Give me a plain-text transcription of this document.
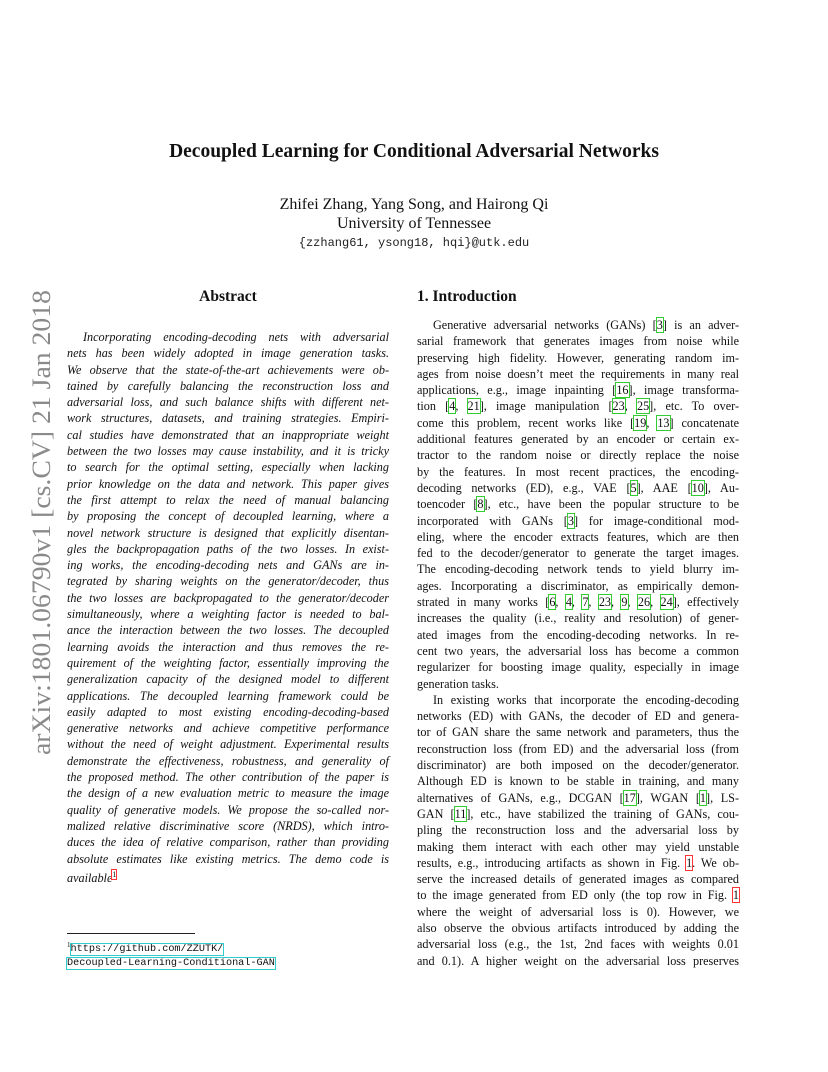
arXiv:1801.06790v1 [cs.CV] 21 Jan 2018
Decoupled Learning for Conditional Adversarial Networks
Zhifei Zhang, Yang Song, and Hairong Qi
University of Tennessee
{zzhang61, ysong18, hqi}@utk.edu
Abstract
Incorporating encoding-decoding nets with adversarial
nets has been widely adopted in image generation tasks.
We observe that the state-of-the-art achievements were ob-
tained by carefully balancing the reconstruction loss and
adversarial loss, and such balance shifts with different net-
work structures, datasets, and training strategies. Empiri-
cal studies have demonstrated that an inappropriate weight
between the two losses may cause instability, and it is tricky
to search for the optimal setting, especially when lacking
prior knowledge on the data and network. This paper gives
the first attempt to relax the need of manual balancing
by proposing the concept of decoupled learning, where a
novel network structure is designed that explicitly disentan-
gles the backpropagation paths of the two losses. In exist-
ing works, the encoding-decoding nets and GANs are in-
tegrated by sharing weights on the generator/decoder, thus
the two losses are backpropagated to the generator/decoder
simultaneously, where a weighting factor is needed to bal-
ance the interaction between the two losses. The decoupled
learning avoids the interaction and thus removes the re-
quirement of the weighting factor, essentially improving the
generalization capacity of the designed model to different
applications. The decoupled learning framework could be
easily adapted to most existing encoding-decoding-based
generative networks and achieve competitive performance
without the need of weight adjustment. Experimental results
demonstrate the effectiveness, robustness, and generality of
the proposed method. The other contribution of the paper is
the design of a new evaluation metric to measure the image
quality of generative models. We propose the so-called nor-
malized relative discriminative score (NRDS), which intro-
duces the idea of relative comparison, rather than providing
absolute estimates like existing metrics. The demo code is
available$^1$
$^1$https://github.com/ZZUTK/
Decoupled-Learning-Conditional-GAN
1. Introduction
Generative adversarial networks (GANs) [3] is an adver-
sarial framework that generates images from noise while
preserving high fidelity. However, generating random im-
ages from noise doesn’t meet the requirements in many real
applications, e.g., image inpainting [16], image transforma-
tion [4, 21], image manipulation [23, 25], etc. To over-
come this problem, recent works like [19, 13] concatenate
additional features generated by an encoder or certain ex-
tractor to the random noise or directly replace the noise
by the features. In most recent practices, the encoding-
decoding networks (ED), e.g., VAE [5], AAE [10], Au-
toencoder [8], etc., have been the popular structure to be
incorporated with GANs [3] for image-conditional mod-
eling, where the encoder extracts features, which are then
fed to the decoder/generator to generate the target images.
The encoding-decoding network tends to yield blurry im-
ages. Incorporating a discriminator, as empirically demon-
strated in many works [6, 4, 7, 23, 9, 26, 24], effectively
increases the quality (i.e., reality and resolution) of gener-
ated images from the encoding-decoding networks. In re-
cent two years, the adversarial loss has become a common
regularizer for boosting image quality, especially in image
generation tasks.
In existing works that incorporate the encoding-decoding
networks (ED) with GANs, the decoder of ED and genera-
tor of GAN share the same network and parameters, thus the
reconstruction loss (from ED) and the adversarial loss (from
discriminator) are both imposed on the decoder/generator.
Although ED is known to be stable in training, and many
alternatives of GANs, e.g., DCGAN [17], WGAN [1], LS-
GAN [11], etc., have stabilized the training of GANs, cou-
pling the reconstruction loss and the adversarial loss by
making them interact with each other may yield unstable
results, e.g., introducing artifacts as shown in Fig. 1. We ob-
serve the increased details of generated images as compared
to the image generated from ED only (the top row in Fig. 1
where the weight of adversarial loss is 0). However, we
also observe the obvious artifacts introduced by adding the
adversarial loss (e.g., the 1st, 2nd faces with weights 0.01
and 0.1). A higher weight on the adversarial loss preserves
